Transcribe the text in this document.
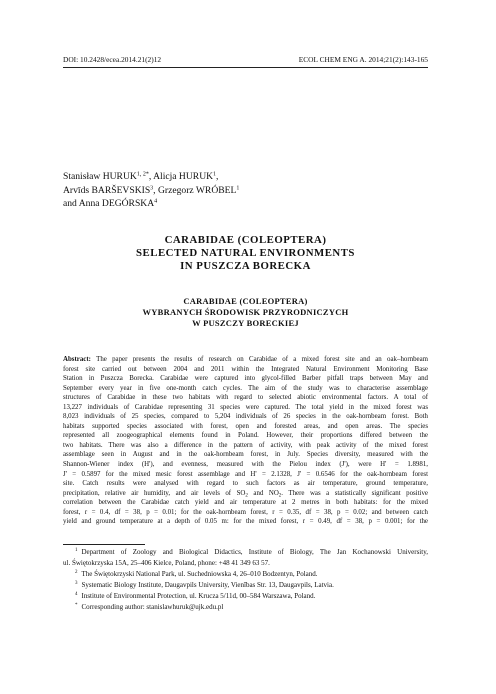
DOI: 10.2428/ecea.2014.21(2)12	ECOL CHEM ENG A. 2014;21(2):143-165
Stanisław $HURUK^{1, 2*}$, Alicja HURUK$^1$,
Arvīds BARŠEVSKIS$^3$, Grzegorz WRÓBEL$^1$
and Anna DEGÓRSKA$^4$
CARABIDAE (COLEOPTERA)
SELECTED NATURAL ENVIRONMENTS
IN PUSZCZA BORECKA
CARABIDAE (COLEOPTERA)
WYBRANYCH ŚRODOWISK PRZYRODNICZYCH
W PUSZCZY BORECKIEJ
Abstract: The paper presents the results of research on Carabidae of a mixed forest site and an oak–hornbeam
forest site carried out between 2004 and 2011 within the Integrated Natural Environment Monitoring Base
Station in Puszcza Borecka. Carabidae were captured into glycol-filled Barber pitfall traps between May and
September every year in five one-month catch cycles. The aim of the study was to characterise assemblage
structures of Carabidae in these two habitats with regard to selected abiotic environmental factors. A total of
13,227 individuals of Carabidae representing 31 species were captured. The total yield in the mixed forest was
8,023 individuals of 25 species, compared to 5,204 individuals of 26 species in the oak-hornbeam forest. Both
habitats supported species associated with forest, open and forested areas, and open areas. The species
represented all zoogeographical elements found in Poland. However, their proportions differed between the
two habitats. There was also a difference in the pattern of activity, with peak activity of the mixed forest
assemblage seen in August and in the oak-hornbeam forest, in July. Species diversity, measured with the
Shannon-Wiener index (H'), and evenness, measured with the Pielou index (J'), were H' = 1.8981,
J' = 0.5897 for the mixed mesic forest assemblage and H' = 2.1328, J' = 0.6546 for the oak-hornbeam forest
site. Catch results were analysed with regard to such factors as air temperature, ground temperature,
precipitation, relative air humidity, and air levels of $SO_2$ and $NO_2$. There was a statistically significant positive
correlation between the Carabidae catch yield and air temperature at 2 metres in both habitats: for the mixed
forest, r = 0.4, df = 38, p = 0.01; for the oak-hornbeam forest, r = 0.35, df = 38, p = 0.02; and between catch
yield and ground temperature at a depth of 0.05 m: for the mixed forest, r = 0.49, df = 38, p = 0.001; for the
$^1$ Department of Zoology and Biological Didactics, Institute of Biology, The Jan Kochanowski University,
ul. Świętokrzyska 15A, 25–406 Kielce, Poland, phone: +48 41 349 63 57.
$^2$ The Świętokrzyski National Park, ul. Suchedniowska 4, 26–010 Bodzentyn, Poland.
$^3$ Systematic Biology Institute, Daugavpils University, Vienības Str. 13, Daugavpils, Latvia.
$^4$ Institute of Environmental Protection, ul. Krucza 5/11d, 00–584 Warszawa, Poland.
* Corresponding author: stanislawhuruk@ujk.edu.pl
